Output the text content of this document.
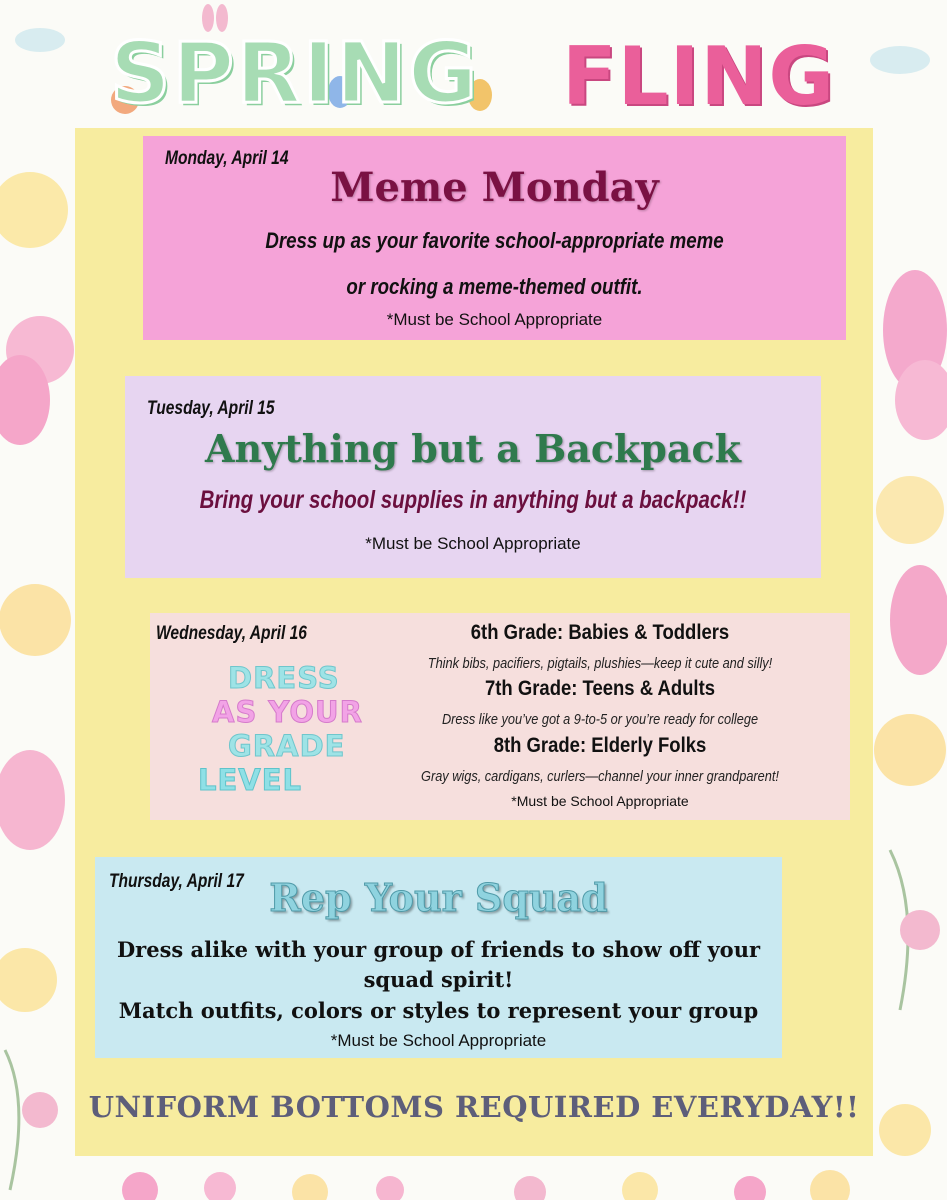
SPRING FLING
Monday, April 14
Meme Monday
Dress up as your favorite school-appropriate meme
or rocking a meme-themed outfit.
*Must be School Appropriate
Tuesday, April 15
Anything but a Backpack
Bring your school supplies in anything but a backpack!!
*Must be School Appropriate
Wednesday, April 16
DRESS
AS YOUR
GRADE
LEVEL
6th Grade: Babies & Toddlers
Think bibs, pacifiers, pigtails, plushies—keep it cute and silly!
7th Grade: Teens & Adults
Dress like you’ve got a 9-to-5 or you’re ready for college
8th Grade: Elderly Folks
Gray wigs, cardigans, curlers—channel your inner grandparent!
*Must be School Appropriate
Thursday, April 17 Rep Your Squad
Dress alike with your group of friends to show off your
squad spirit!
Match outfits, colors or styles to represent your group
*Must be School Appropriate
UNIFORM BOTTOMS REQUIRED EVERYDAY!!
